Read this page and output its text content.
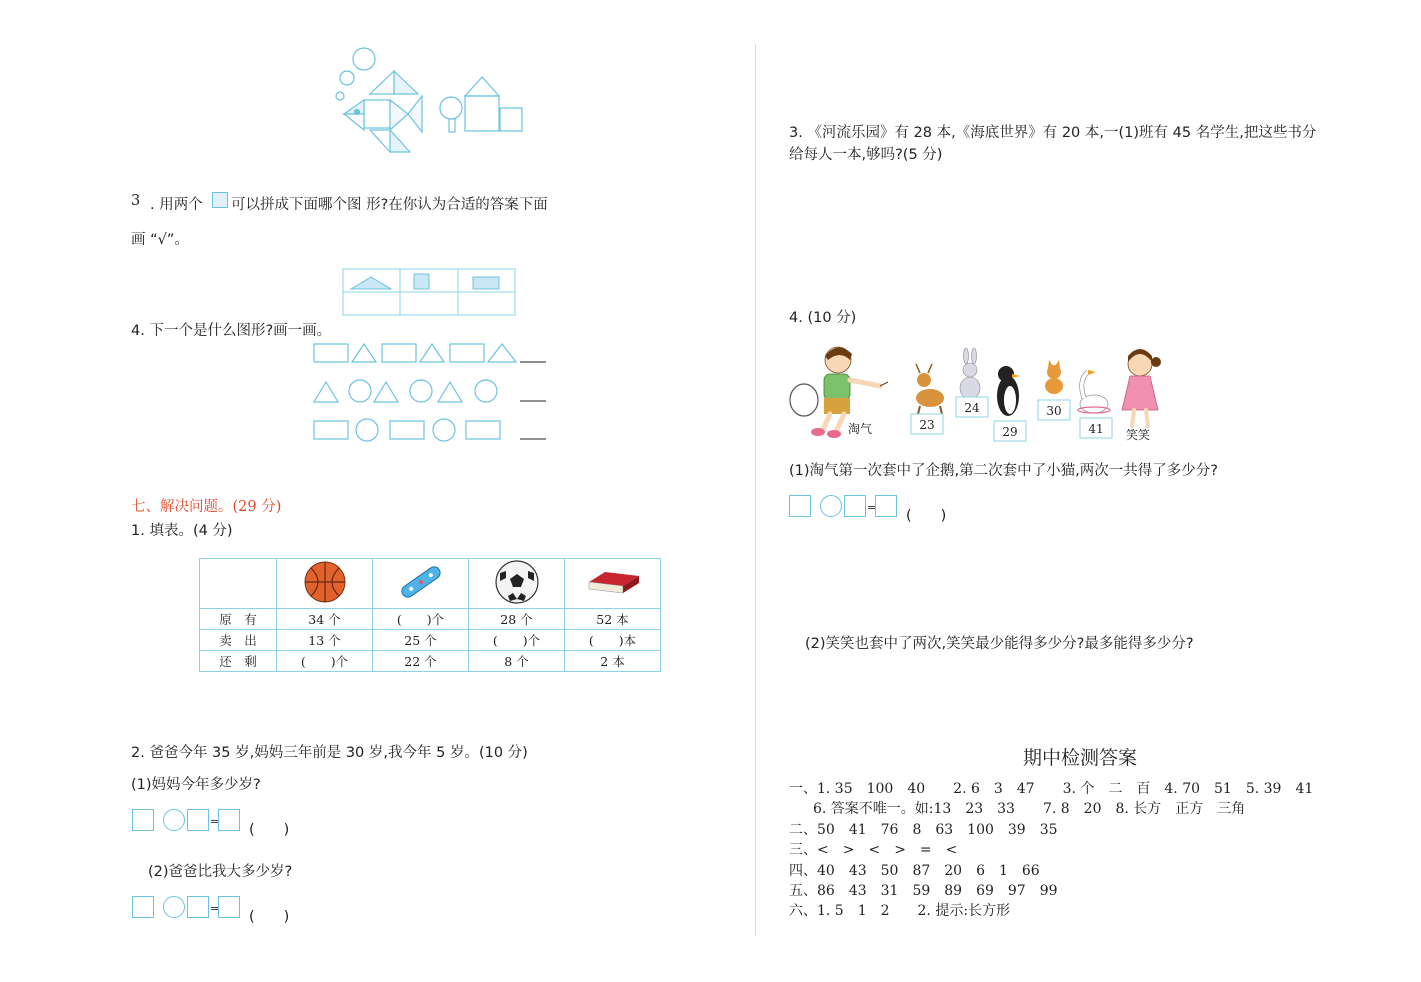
3 . 用两个 可以拼成下面哪个图 形?在你认为合适的答案下面
画 “√”。
4. 下一个是什么图形?画一画。
七、解决问题。(29 分)
1. 填表。(4 分)

原　有	34 个	(　　)个	28 个	52 本
卖　出	13 个	25 个	(　　)个	(　　)本
还　剩	(　　)个	22 个	8 个	2 本
2. 爸爸今年 35 岁,妈妈三年前是 30 岁,我今年 5 岁。(10 分)
(1)妈妈今年多少岁?
=
(　　)
(2)爸爸比我大多少岁?
=
(　　)
3. 《河流乐园》有 28 本,《海底世界》有 20 本,一(1)班有 45 名学生,把这些书分
给每人一本,够吗?(5 分)
4. (10 分)
淘气	笑笑
23
24
29
30
41
(1)淘气第一次套中了企鹅,第二次套中了小猫,两次一共得了多少分?
=
(　　)
(2)笑笑也套中了两次,笑笑最少能得多少分?最多能得多少分?
期中检测答案
一、1. 35　100　40　　2. 6　3　47　　3. 个　二　百　4. 70　51　5. 39　41
6. 答案不唯一。如:13　23　33　　7. 8　20　8. 长方　正方　三角
二、50　41　76　8　63　100　39　35
三、<　>　<　>　=　<
四、40　43　50　87　20　6　1　66
五、86　43　31　59　89　69　97　99
六、1. 5　1　2　　2. 提示:长方形
